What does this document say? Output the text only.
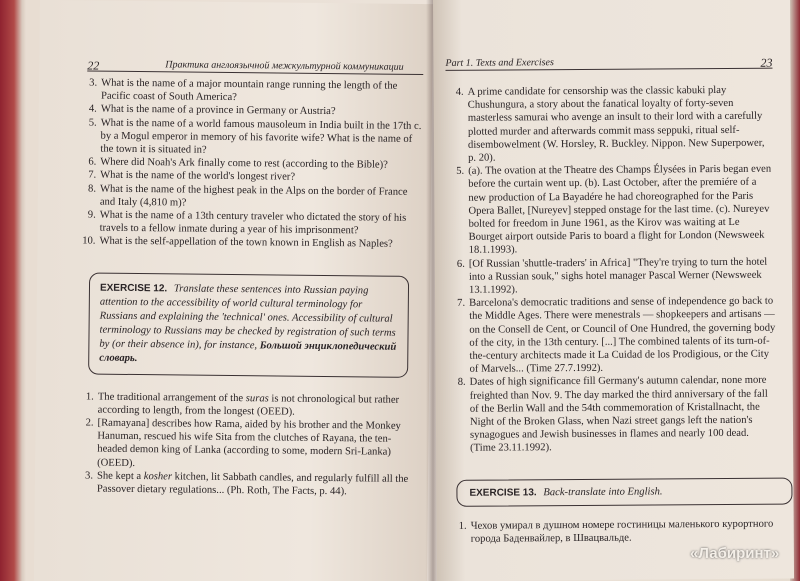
22	Практика англоязычной межкультурной коммуникации
3. What is the name of a major mountain range running the length of the Pacific coast of South America?
4. What is the name of a province in Germany or Austria?
5. What is the name of a world famous mausoleum in India built in the 17th c. by a Mogul emperor in memory of his favorite wife? What is the name of the town it is situated in?
6. Where did Noah's Ark finally come to rest (according to the Bible)?
7. What is the name of the world's longest river?
8. What is the name of the highest peak in the Alps on the border of France and Italy (4,810 m)?
9. What is the name of a 13th century traveler who dictated the story of his travels to a fellow inmate during a year of his imprisonment?
10. What is the self-appellation of the town known in English as Naples?
EXERCISE 12. Translate these sentences into Russian paying attention to the accessibility of world cultural terminology for Russians and explaining the 'technical' ones. Accessibility of cultural terminology to Russians may be checked by registration of such terms by (or their absence in), for instance, Большой энциклопедический словарь.
1. The traditional arrangement of the suras is not chronological but rather according to length, from the longest (OEED).
2. [Ramayana] describes how Rama, aided by his brother and the Monkey Hanuman, rescued his wife Sita from the clutches of Rayana, the ten-headed demon king of Lanka (according to some, modern Sri-Lanka) (OEED).
3. She kept a kosher kitchen, lit Sabbath candles, and regularly fulfill all the Passover dietary regulations... (Ph. Roth, The Facts, p. 44).
Part 1. Texts and Exercises	23
4. A prime candidate for censorship was the classic kabuki play Chushungura, a story about the fanatical loyalty of forty-seven masterless samurai who avenge an insult to their lord with a carefully plotted murder and afterwards commit mass seppuki, ritual self-disembowelment (W. Horsley, R. Buckley. Nippon. New Superpower, p. 20).
5. (a). The ovation at the Theatre des Champs Élysées in Paris began even before the curtain went up. (b). Last October, after the premiére of a new production of La Bayadére he had choreographed for the Paris Opera Ballet, [Nureyev] stepped onstage for the last time. (c). Nureyev bolted for freedom in June 1961, as the Kirov was waiting at Le Bourget airport outside Paris to board a flight for London (Newsweek 18.1.1993).
6. [Of Russian 'shuttle-traders' in Africa] "They're trying to turn the hotel into a Russian souk," sighs hotel manager Pascal Werner (Newsweek 13.1.1992).
7. Barcelona's democratic traditions and sense of independence go back to the Middle Ages. There were menestrals — shopkeepers and artisans — on the Consell de Cent, or Council of One Hundred, the governing body of the city, in the 13th century. [...] The combined talents of its turn-of-the-century architects made it La Cuidad de los Prodigious, or the City of Marvels... (Time 27.7.1992).
8. Dates of high significance fill Germany's autumn calendar, none more freighted than Nov. 9. The day marked the third anniversary of the fall of the Berlin Wall and the 54th commemoration of Kristallnacht, the Night of the Broken Glass, when Nazi street gangs left the nation's synagogues and Jewish businesses in flames and nearly 100 dead. (Time 23.11.1992).
EXERCISE 13. Back-translate into English.
1. Чехов умирал в душном номере гостиницы маленького курортного города Баденвайлер, в Швацвальде.
«Лабиринт»
